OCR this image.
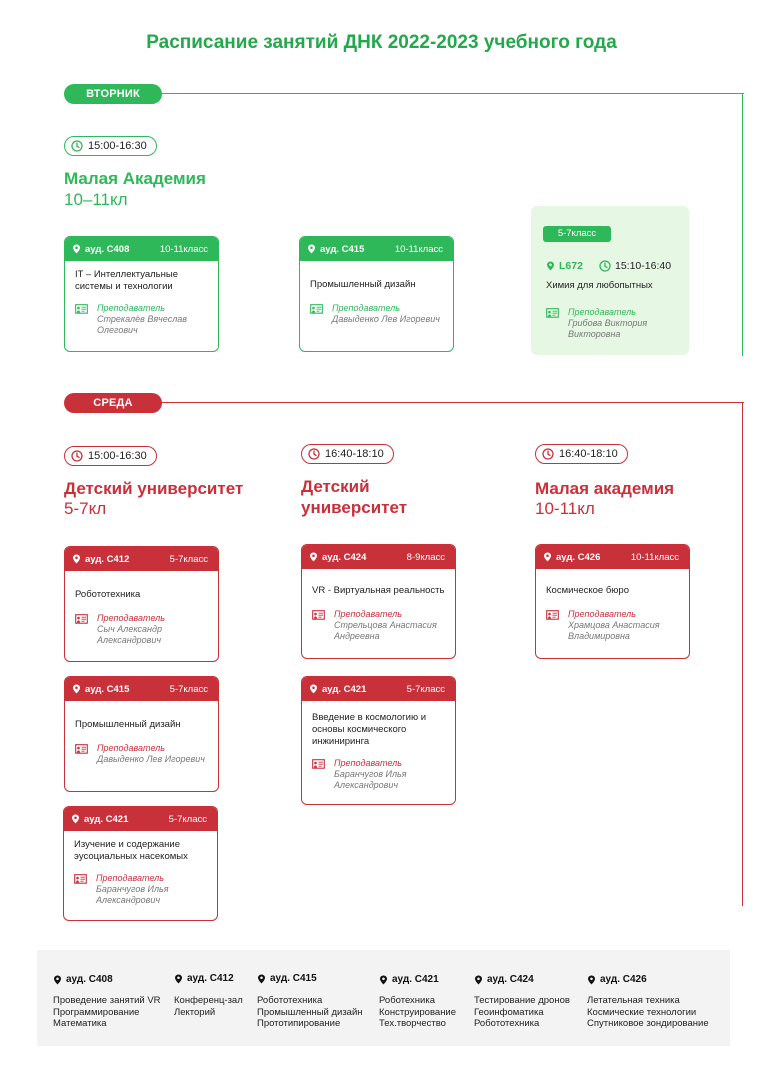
Расписание занятий ДНК 2022-2023 учебного года
ВТОРНИК
15:00-16:30
Малая Академия
10–11кл
ауд. С408	10-11класс
IT – Интеллектуальные системы и технологии
Преподаватель
Стрекалёв Вячеслав Олегович
ауд. С415	10-11класс
Промышленный дизайн
Преподаватель
Давыденко Лев Игоревич
5-7класс
L672	15:10-16:40
Химия для любопытных
Преподаватель
Грибова Виктория Викторовна
СРЕДА
15:00-16:30
Детский университет
5-7кл
16:40-18:10
Детский университет
16:40-18:10
Малая академия
10-11кл
ауд. С412	5-7класс
Робототехника
Преподаватель
Сыч Александр Александрович
ауд. С415	5-7класс
Промышленный дизайн
Преподаватель
Давыденко Лев Игоревич
ауд. С421	5-7класс
Изучение и содержание эусоциальных насекомых
Преподаватель
Баранчугов Илья Александрович
ауд. С424	8-9класс
VR - Виртуальная реальность
Преподаватель
Стрельцова Анастасия Андреевна
ауд. С421	5-7класс
Введение в космологию и основы космического инжиниринга
Преподаватель
Баранчугов Илья Александрович
ауд. С426	10-11класс
Космическое бюро
Преподаватель
Храмцова Анастасия Владимировна
ауд. С408
Проведение занятий VR
Программирование
Математика
ауд. С412
Конференц-зал
Лекторий
ауд. С415
Робототехника
Промышленный дизайн
Прототипирование
ауд. С421
Роботехника
Конструирование
Тех.творчество
ауд. С424
Тестирование дронов
Геоинфоматика
Робототехника
ауд. С426
Летательная техника
Космические технологии
Спутниковое зондирование
